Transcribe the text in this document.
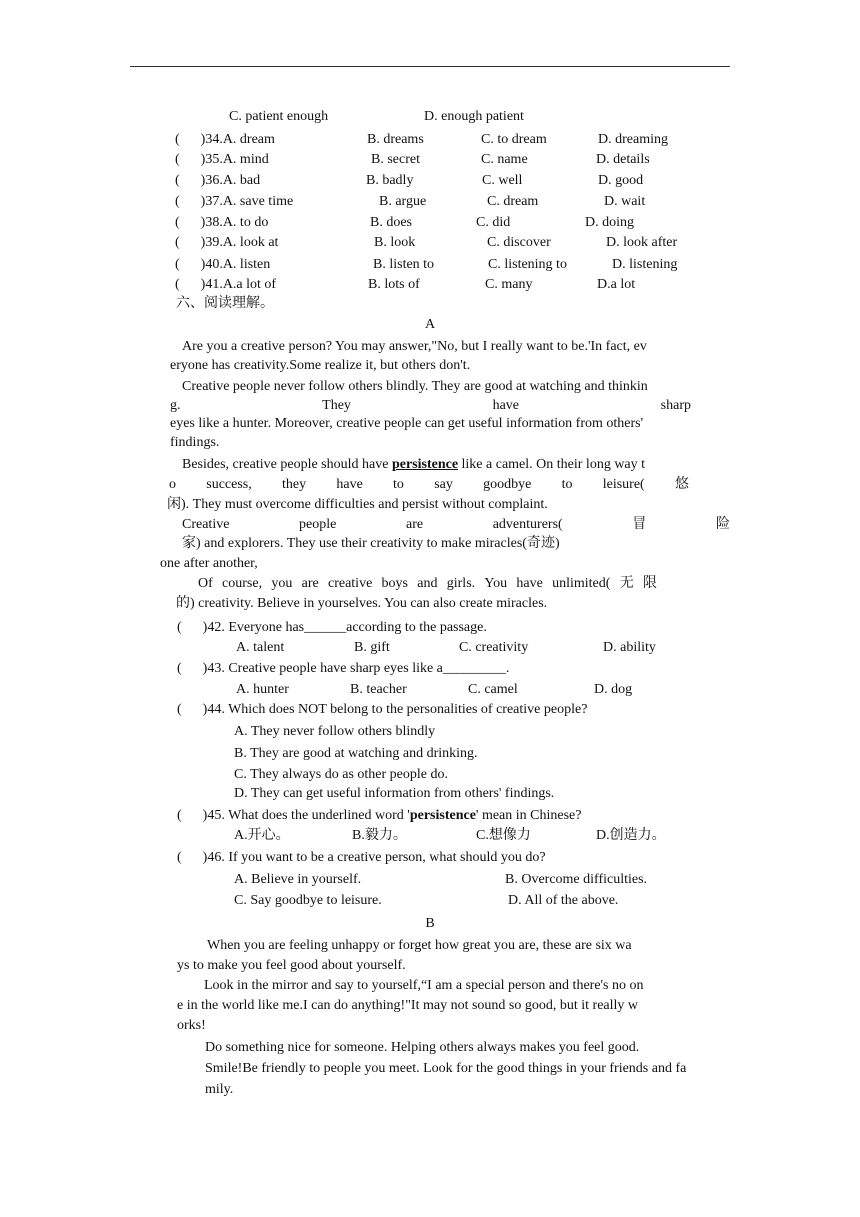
C. patient enough	D. enough patient
(      )34.A. dream	B. dreams	C. to dream	D. dreaming
(      )35.A. mind	B. secret	C. name	D. details
(      )36.A. bad	B. badly	C. well	D. good
(      )37.A. save time	B. argue	C. dream	D. wait
(      )38.A. to do	B. does	C. did	D. doing
(      )39.A. look at	B. look	C. discover	D. look after
(      )40.A. listen	B. listen to	C. listening to	D. listening
(      )41.A.a lot of	B. lots of	C. many	D.a lot
六、阅读理解。
A
Are you a creative person? You may answer,"No, but I really want to be.'In fact, ev
eryone has creativity.Some realize it, but others don't.
Creative people never follow others blindly. They are good at watching and thinkin
g.	They	have	sharp
eyes like a hunter. Moreover, creative people can get useful information from others'
findings.
Besides, creative people should have persistence like a camel. On their long way t
o success, they have to say goodbye to leisure( 悠
闲). They must overcome difficulties and persist without complaint.
Creative	people	are	adventurers(	冒	险
家) and explorers. They use their creativity to make miracles(奇迹)
one after another,
Of course, you are creative boys and girls. You have unlimited( 无 限
的) creativity. Believe in yourselves. You can also create miracles.
(      )42. Everyone has______according to the passage.
A. talent	B. gift	C. creativity	D. ability
(      )43. Creative people have sharp eyes like a_________.
A. hunter	B. teacher	C. camel	D. dog
(      )44. Which does NOT belong to the personalities of creative people?
A. They never follow others blindly
B. They are good at watching and drinking.
C. They always do as other people do.
D. They can get useful information from others' findings.
(      )45. What does the underlined word 'persistence' mean in Chinese?
A.开心。	B.毅力。	C.想像力	D.创造力。
(      )46. If you want to be a creative person, what should you do?
A. Believe in yourself.	B. Overcome difficulties.
C. Say goodbye to leisure.	D. All of the above.
B
When you are feeling unhappy or forget how great you are, these are six wa
ys to make you feel good about yourself.
Look in the mirror and say to yourself,“I am a special person and there's no on
e in the world like me.I can do anything!"It may not sound so good, but it really w
orks!
Do something nice for someone. Helping others always makes you feel good.
Smile!Be friendly to people you meet. Look for the good things in your friends and fa
mily.
